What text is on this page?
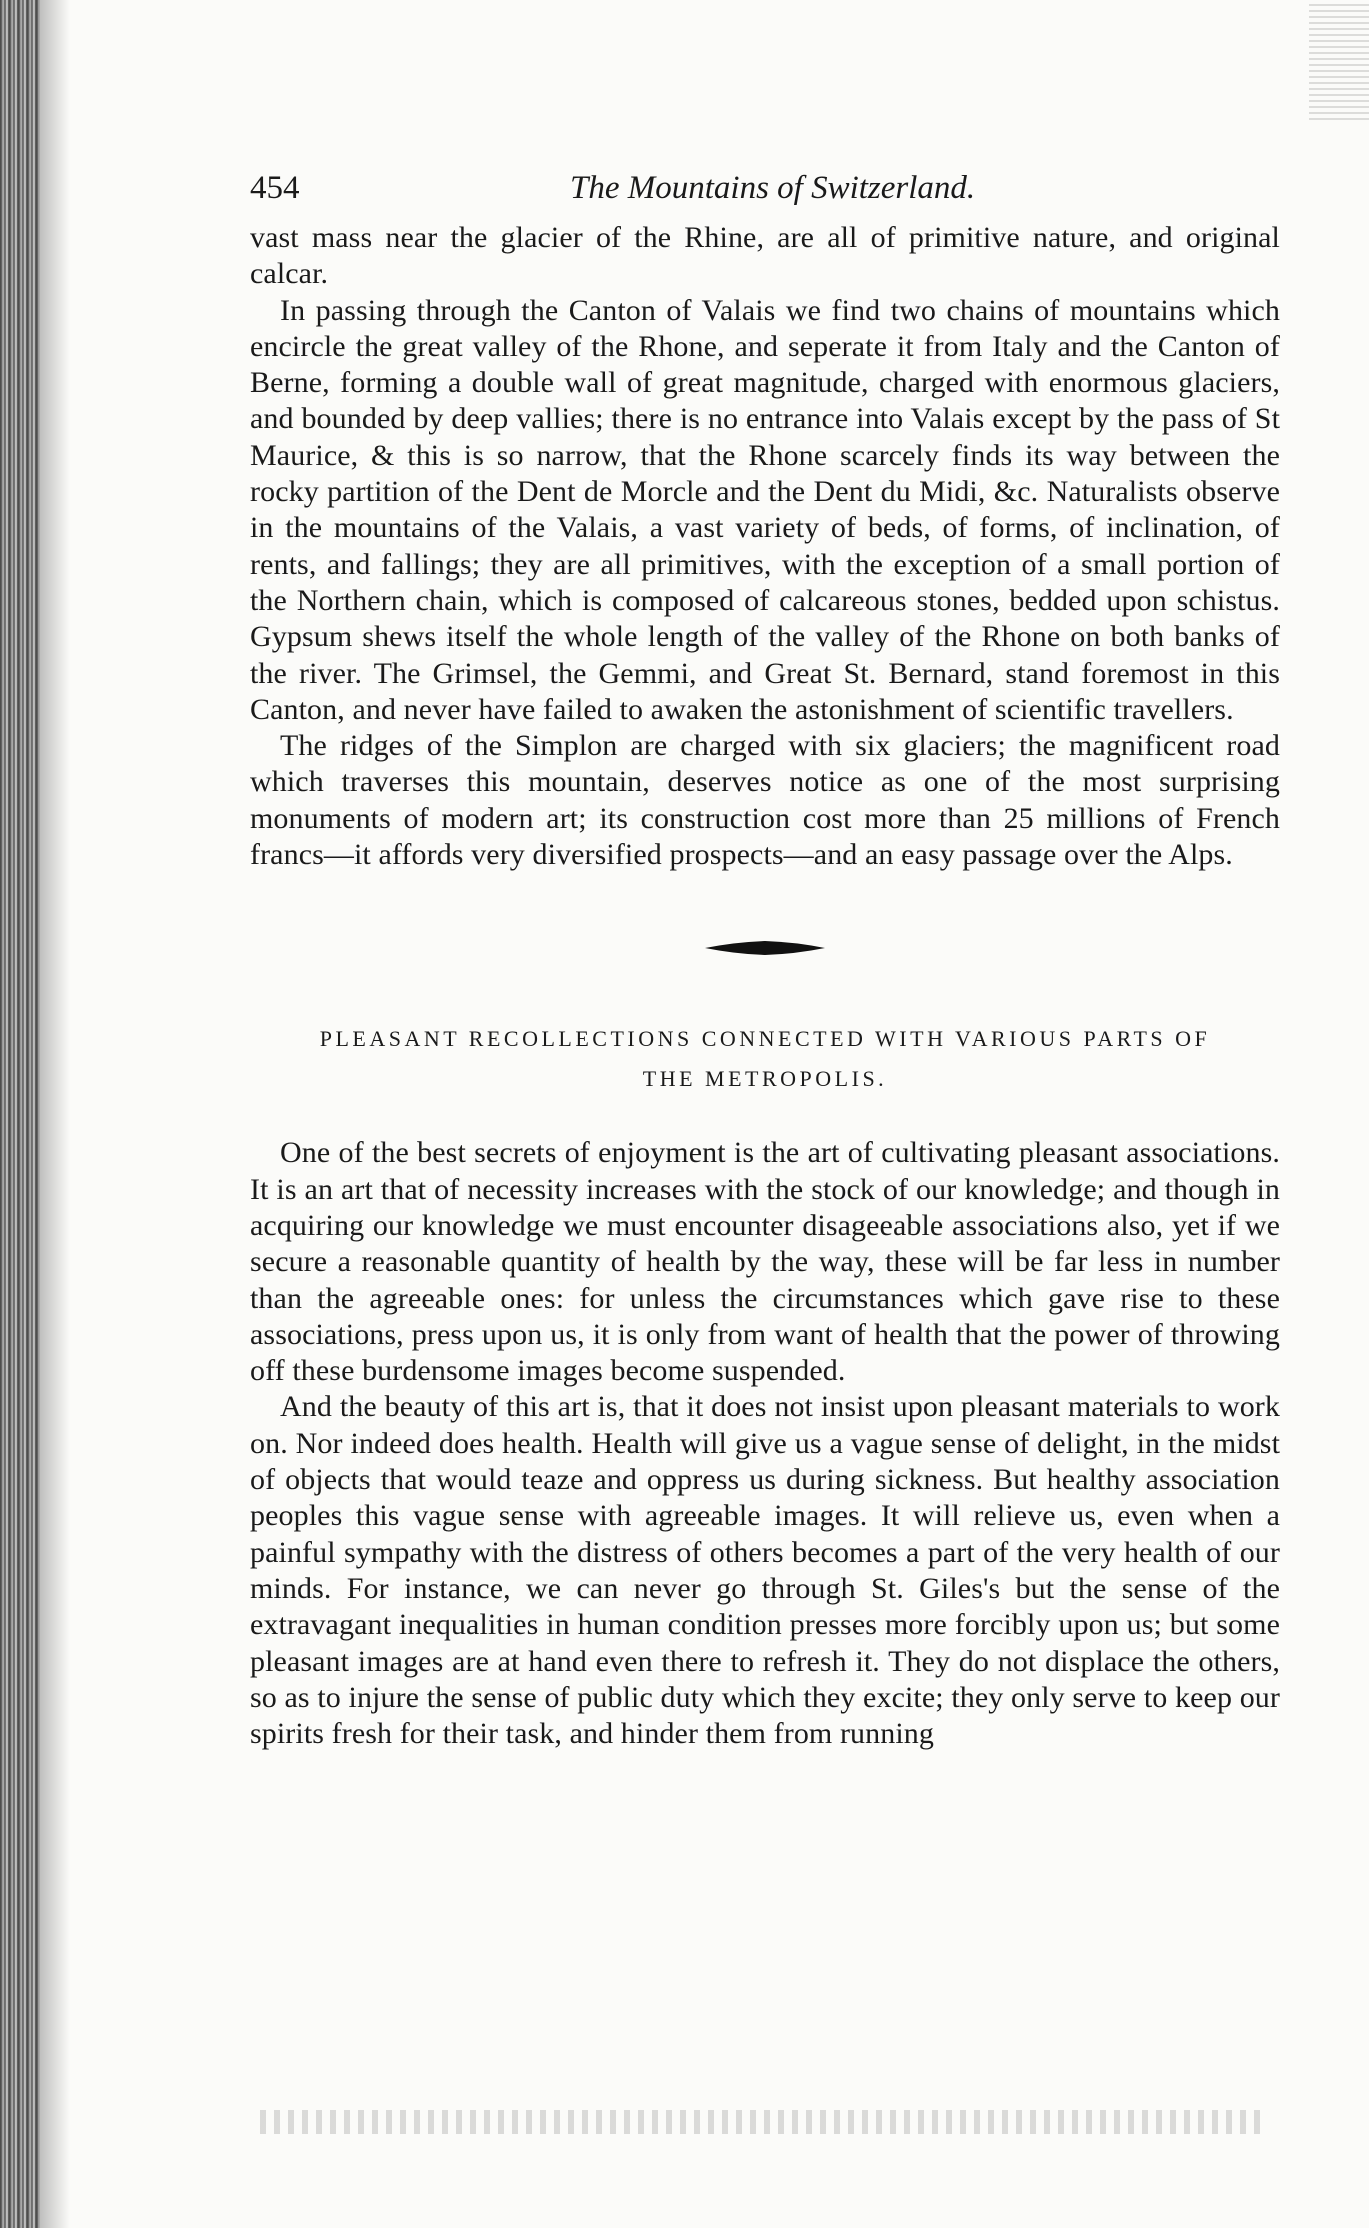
454	The Mountains of Switzerland.

vast mass near the glacier of the Rhine, are all of primitive nature, and original calcar.

In passing through the Canton of Valais we find two chains of mountains which encircle the great valley of the Rhone, and seperate it from Italy and the Canton of Berne, forming a double wall of great magnitude, charged with enormous glaciers, and bounded by deep vallies; there is no entrance into Valais except by the pass of St Maurice, & this is so narrow, that the Rhone scarcely finds its way between the rocky partition of the Dent de Morcle and the Dent du Midi, &c. Naturalists observe in the mountains of the Valais, a vast variety of beds, of forms, of inclination, of rents, and fallings; they are all primitives, with the exception of a small portion of the Northern chain, which is composed of calcareous stones, bedded upon schistus. Gypsum shews itself the whole length of the valley of the Rhone on both banks of the river. The Grimsel, the Gemmi, and Great St. Bernard, stand foremost in this Canton, and never have failed to awaken the astonishment of scientific travellers.

The ridges of the Simplon are charged with six glaciers; the magnificent road which traverses this mountain, deserves notice as one of the most surprising monuments of modern art; its construction cost more than 25 millions of French francs—it affords very diversified prospects—and an easy passage over the Alps.

PLEASANT RECOLLECTIONS CONNECTED WITH VARIOUS PARTS OF

THE METROPOLIS.

One of the best secrets of enjoyment is the art of cultivating pleasant associations. It is an art that of necessity increases with the stock of our knowledge; and though in acquiring our knowledge we must encounter disageeable associations also, yet if we secure a reasonable quantity of health by the way, these will be far less in number than the agreeable ones: for unless the circumstances which gave rise to these associations, press upon us, it is only from want of health that the power of throwing off these burdensome images become suspended.

And the beauty of this art is, that it does not insist upon pleasant materials to work on. Nor indeed does health. Health will give us a vague sense of delight, in the midst of objects that would teaze and oppress us during sickness. But healthy association peoples this vague sense with agreeable images. It will relieve us, even when a painful sympathy with the distress of others becomes a part of the very health of our minds. For instance, we can never go through St. Giles's but the sense of the extravagant inequalities in human condition presses more forcibly upon us; but some pleasant images are at hand even there to refresh it. They do not displace the others, so as to injure the sense of public duty which they excite; they only serve to keep our spirits fresh for their task, and hinder them from running
